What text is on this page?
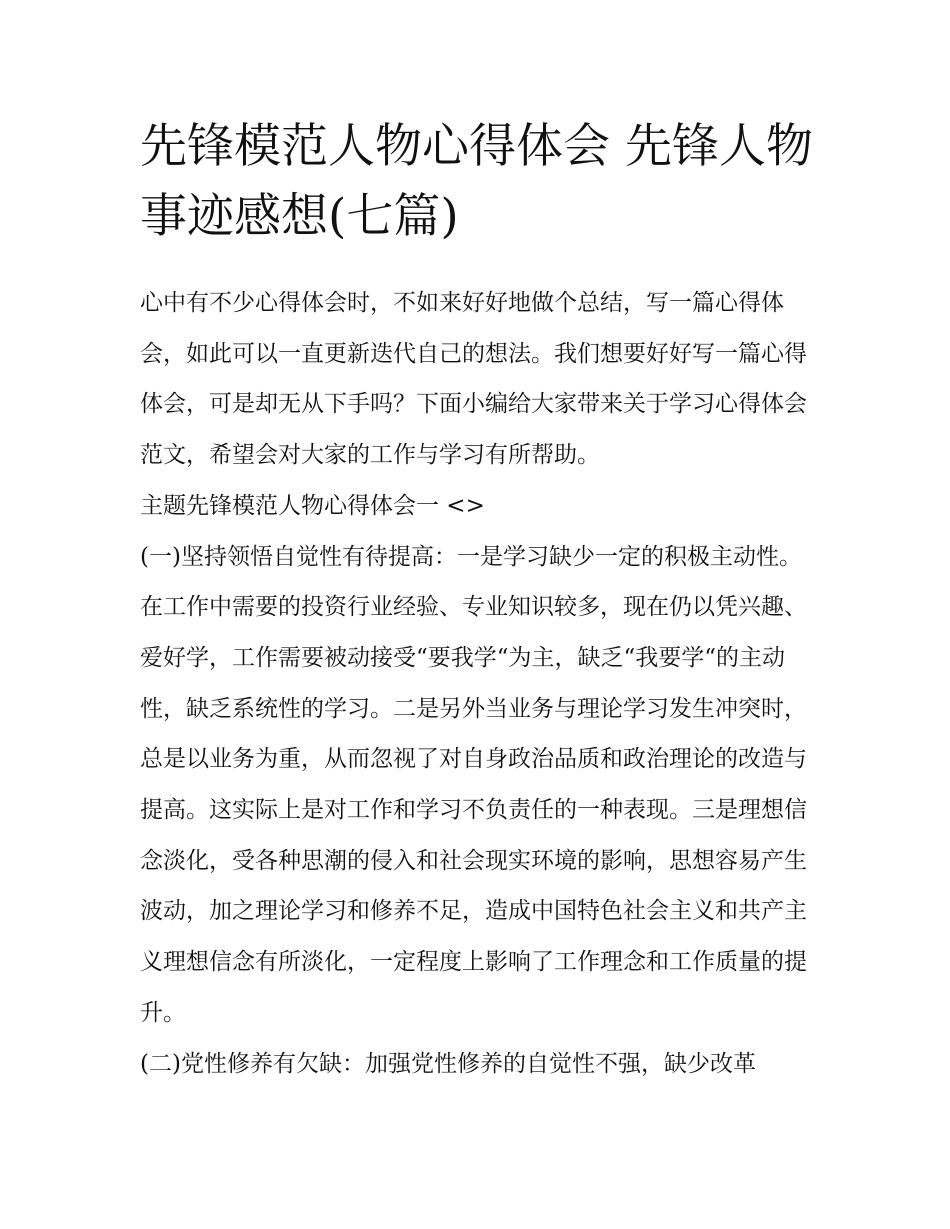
先锋模范人物心得体会 先锋人物事迹感想(七篇)

心中有不少心得体会时，不如来好好地做个总结，写一篇心得体会，如此可以一直更新迭代自己的想法。我们想要好好写一篇心得体会，可是却无从下手吗？下面小编给大家带来关于学习心得体会范文，希望会对大家的工作与学习有所帮助。

主题先锋模范人物心得体会一 <>

(一)坚持领悟自觉性有待提高：一是学习缺少一定的积极主动性。在工作中需要的投资行业经验、专业知识较多，现在仍以凭兴趣、爱好学，工作需要被动接受“要我学“为主，缺乏“我要学“的主动性，缺乏系统性的学习。二是另外当业务与理论学习发生冲突时，总是以业务为重，从而忽视了对自身政治品质和政治理论的改造与提高。这实际上是对工作和学习不负责任的一种表现。三是理想信念淡化，受各种思潮的侵入和社会现实环境的影响，思想容易产生波动，加之理论学习和修养不足，造成中国特色社会主义和共产主义理想信念有所淡化，一定程度上影响了工作理念和工作质量的提升。

(二)党性修养有欠缺：加强党性修养的自觉性不强，缺少改革
